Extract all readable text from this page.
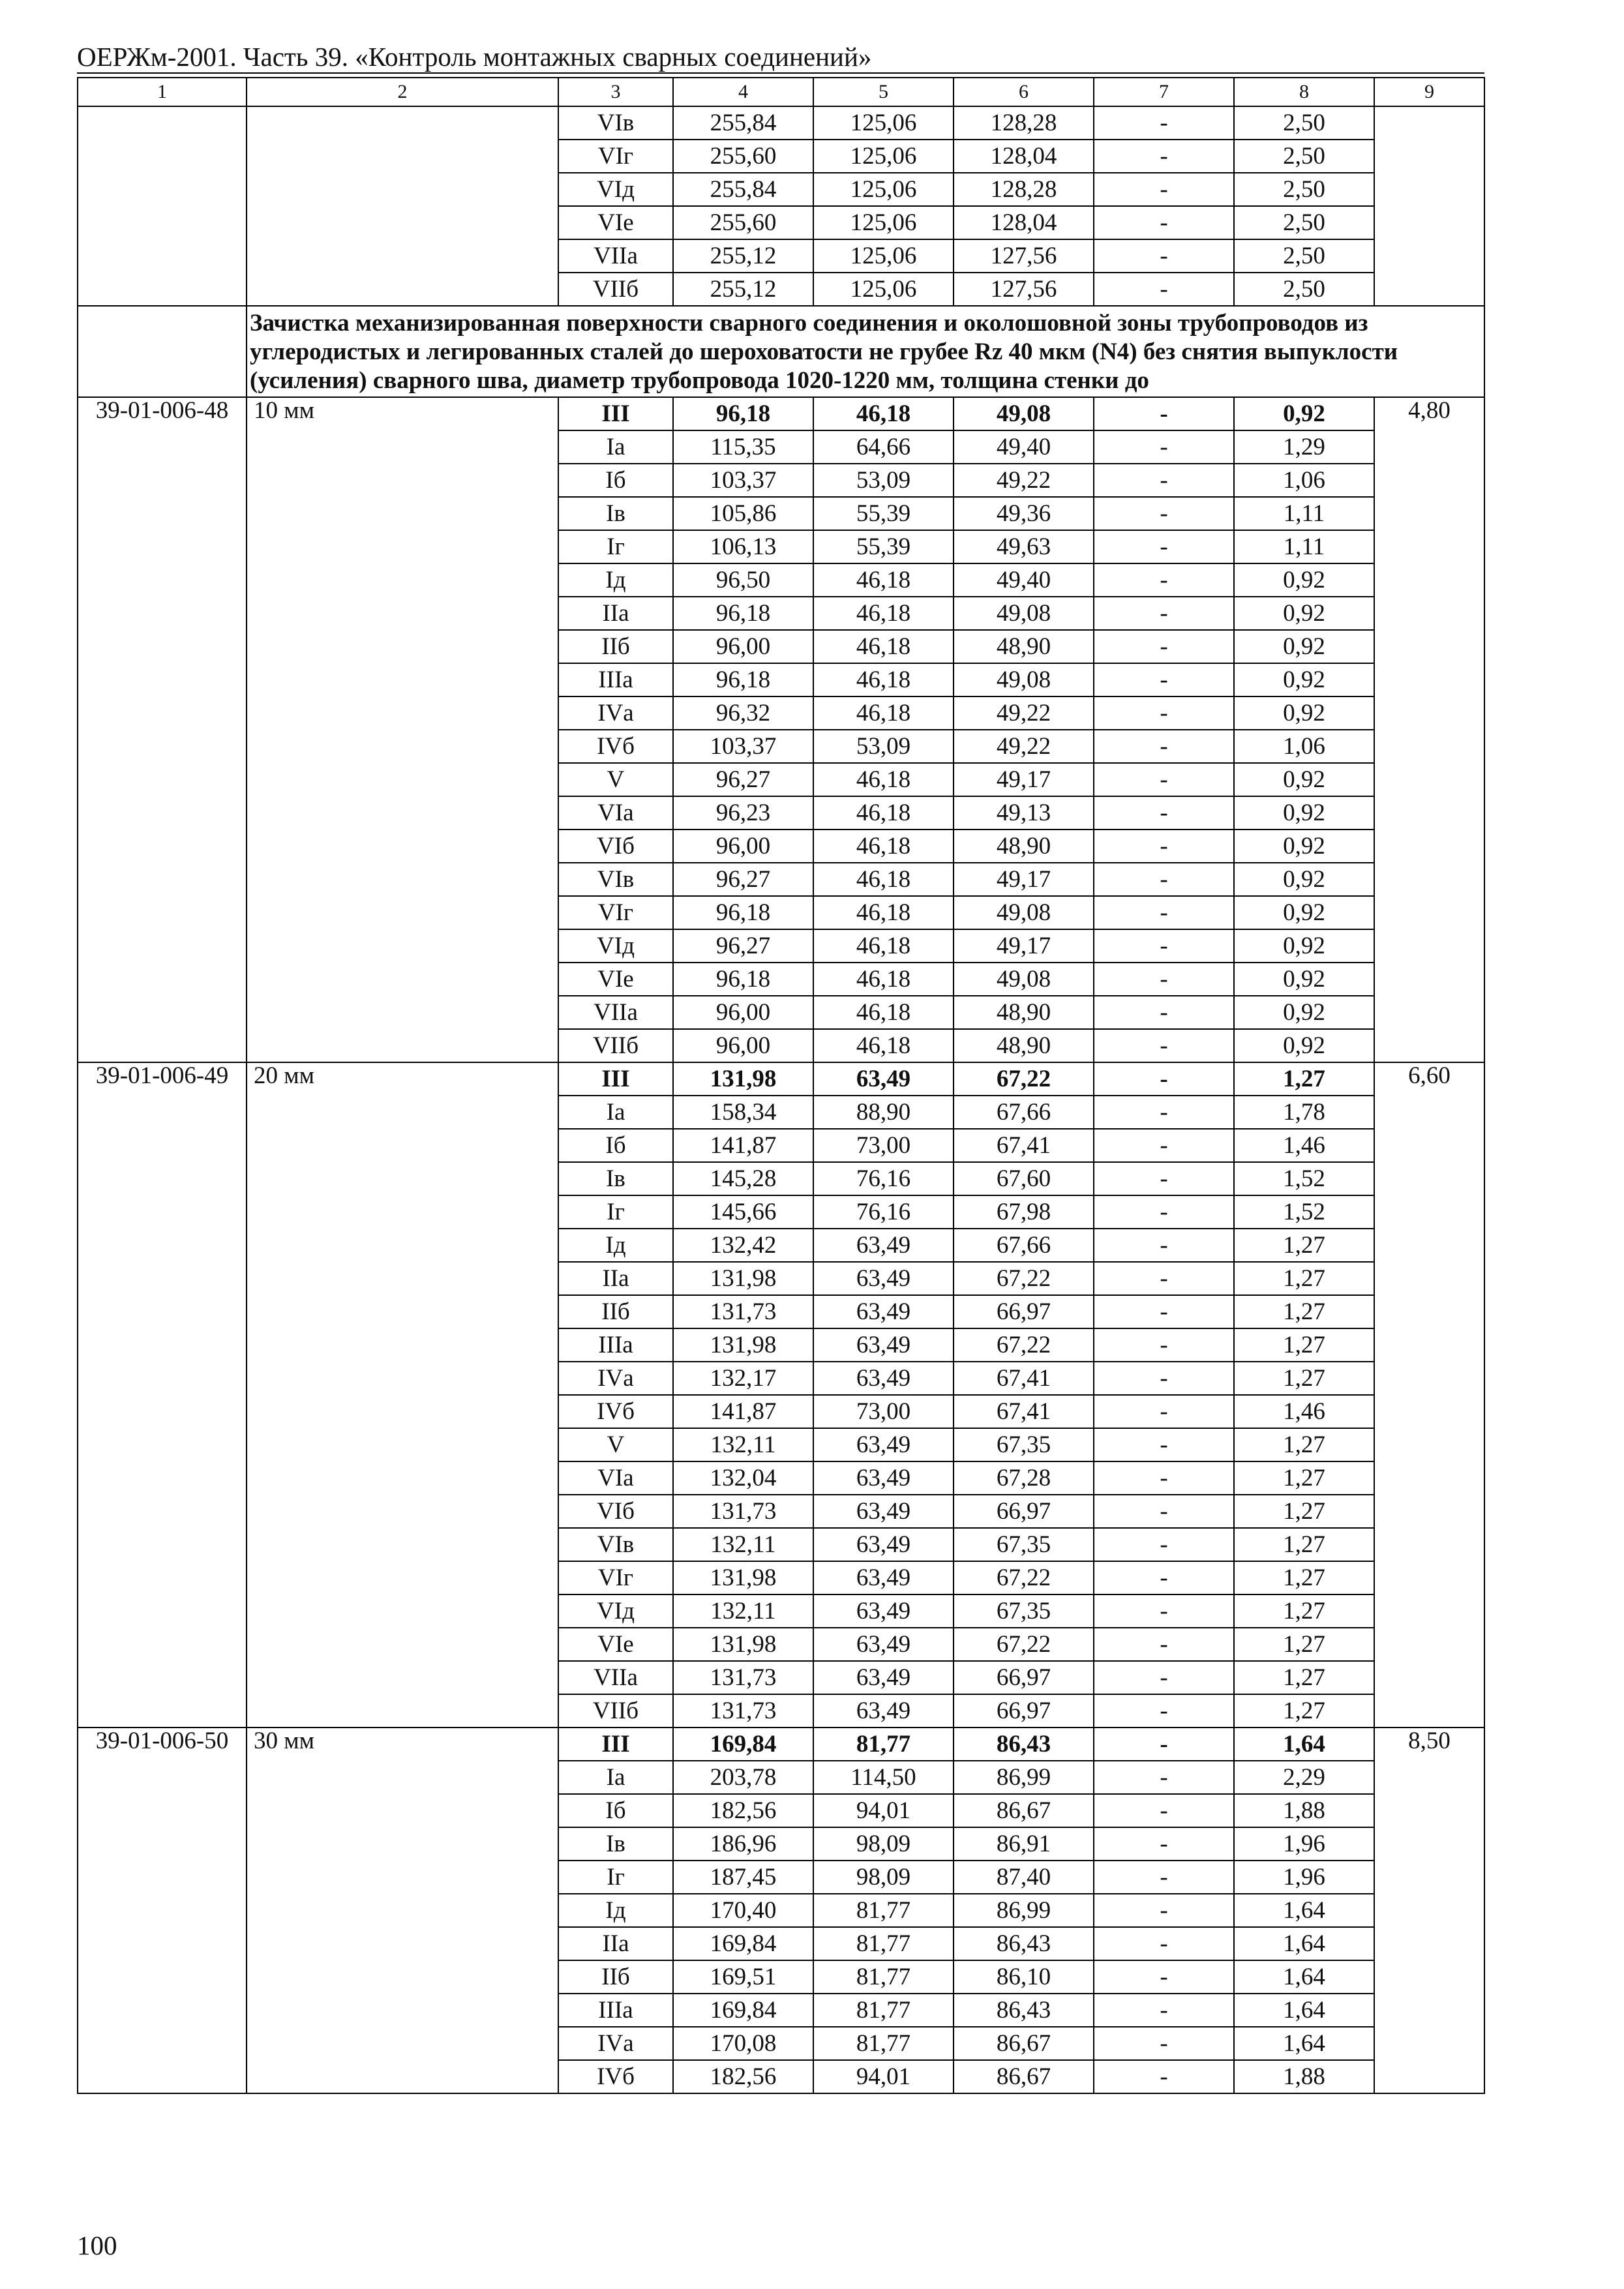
ОЕРЖм-2001. Часть 39. «Контроль монтажных сварных соединений»
1	2	3	4	5	6	7	8	9
		VIв	255,84	125,06	128,28	-	2,50	
		VIг	255,60	125,06	128,04	-	2,50	
		VIд	255,84	125,06	128,28	-	2,50	
		VIе	255,60	125,06	128,04	-	2,50	
		VIIа	255,12	125,06	127,56	-	2,50	
		VIIб	255,12	125,06	127,56	-	2,50	
	Зачистка механизированная поверхности сварного соединения и околошовной зоны трубопроводов из углеродистых и легированных сталей до шероховатости не грубее Rz 40 мкм (N4) без снятия выпуклости (усиления) сварного шва, диаметр трубопровода 1020-1220 мм, толщина стенки до							
39-01-006-48	10 мм	III	96,18	46,18	49,08	-	0,92	4,80
		Iа	115,35	64,66	49,40	-	1,29	
		Iб	103,37	53,09	49,22	-	1,06	
		Iв	105,86	55,39	49,36	-	1,11	
		Iг	106,13	55,39	49,63	-	1,11	
		Iд	96,50	46,18	49,40	-	0,92	
		IIа	96,18	46,18	49,08	-	0,92	
		IIб	96,00	46,18	48,90	-	0,92	
		IIIа	96,18	46,18	49,08	-	0,92	
		IVа	96,32	46,18	49,22	-	0,92	
		IVб	103,37	53,09	49,22	-	1,06	
		V	96,27	46,18	49,17	-	0,92	
		VIа	96,23	46,18	49,13	-	0,92	
		VIб	96,00	46,18	48,90	-	0,92	
		VIв	96,27	46,18	49,17	-	0,92	
		VIг	96,18	46,18	49,08	-	0,92	
		VIд	96,27	46,18	49,17	-	0,92	
		VIе	96,18	46,18	49,08	-	0,92	
		VIIа	96,00	46,18	48,90	-	0,92	
		VIIб	96,00	46,18	48,90	-	0,92	
39-01-006-49	20 мм	III	131,98	63,49	67,22	-	1,27	6,60
		Iа	158,34	88,90	67,66	-	1,78	
		Iб	141,87	73,00	67,41	-	1,46	
		Iв	145,28	76,16	67,60	-	1,52	
		Iг	145,66	76,16	67,98	-	1,52	
		Iд	132,42	63,49	67,66	-	1,27	
		IIа	131,98	63,49	67,22	-	1,27	
		IIб	131,73	63,49	66,97	-	1,27	
		IIIа	131,98	63,49	67,22	-	1,27	
		IVа	132,17	63,49	67,41	-	1,27	
		IVб	141,87	73,00	67,41	-	1,46	
		V	132,11	63,49	67,35	-	1,27	
		VIа	132,04	63,49	67,28	-	1,27	
		VIб	131,73	63,49	66,97	-	1,27	
		VIв	132,11	63,49	67,35	-	1,27	
		VIг	131,98	63,49	67,22	-	1,27	
		VIд	132,11	63,49	67,35	-	1,27	
		VIе	131,98	63,49	67,22	-	1,27	
		VIIа	131,73	63,49	66,97	-	1,27	
		VIIб	131,73	63,49	66,97	-	1,27	
39-01-006-50	30 мм	III	169,84	81,77	86,43	-	1,64	8,50
		Iа	203,78	114,50	86,99	-	2,29	
		Iб	182,56	94,01	86,67	-	1,88	
		Iв	186,96	98,09	86,91	-	1,96	
		Iг	187,45	98,09	87,40	-	1,96	
		Iд	170,40	81,77	86,99	-	1,64	
		IIа	169,84	81,77	86,43	-	1,64	
		IIб	169,51	81,77	86,10	-	1,64	
		IIIа	169,84	81,77	86,43	-	1,64	
		IVа	170,08	81,77	86,67	-	1,64	
		IVб	182,56	94,01	86,67	-	1,88	
100
